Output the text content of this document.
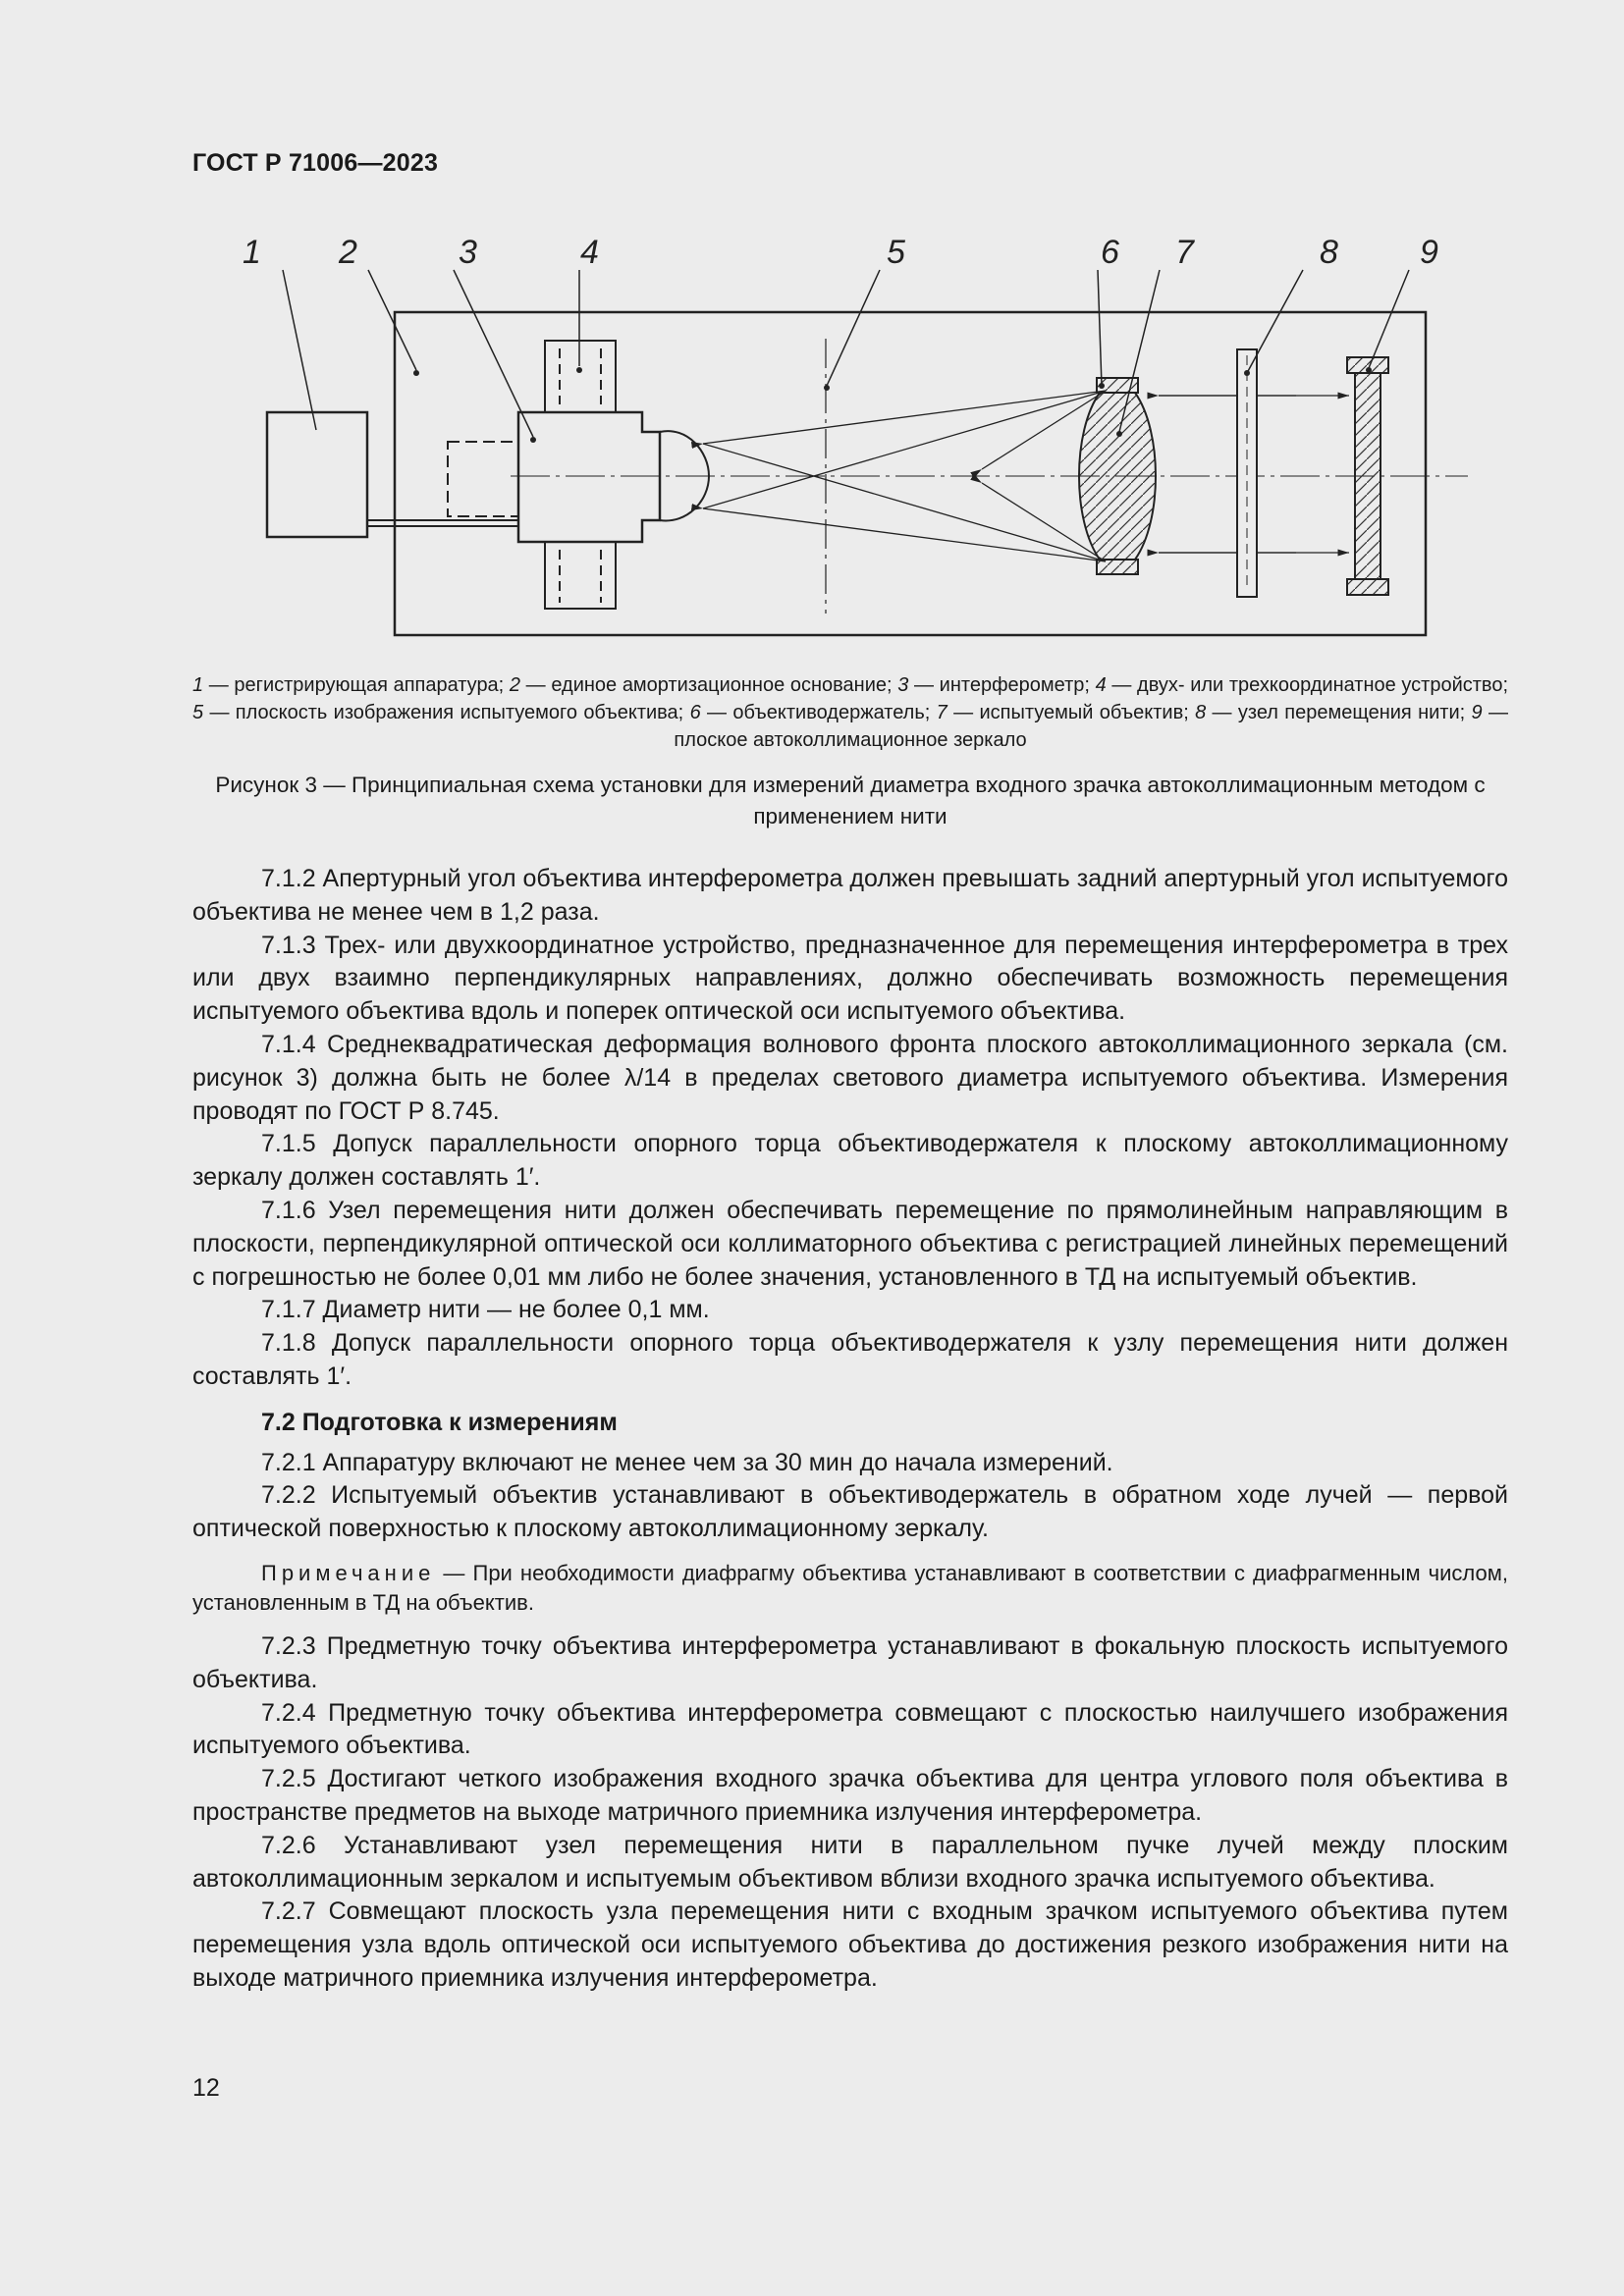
ГОСТ Р 71006—2023
1 2	3	4	5	6 7	8 9
1 — регистрирующая аппаратура; 2 — единое амортизационное основание; 3 — интерферометр; 4 — двух- или трехкоординатное устройство; 5 — плоскость изображения испытуемого объектива; 6 — объективодержатель; 7 — испытуемый объектив; 8 — узел перемещения нити; 9 — плоское автоколлимационное зеркало
Рисунок 3 — Принципиальная схема установки для измерений диаметра входного зрачка автоколлимационным методом с применением нити

7.1.2 Апертурный угол объектива интерферометра должен превышать задний апертурный угол испытуемого объектива не менее чем в 1,2 раза.

7.1.3 Трех- или двухкоординатное устройство, предназначенное для перемещения интерферометра в трех или двух взаимно перпендикулярных направлениях, должно обеспечивать возможность перемещения испытуемого объектива вдоль и поперек оптической оси испытуемого объектива.

7.1.4 Среднеквадратическая деформация волнового фронта плоского автоколлимационного зеркала (см. рисунок 3) должна быть не более λ/14 в пределах светового диаметра испытуемого объектива. Измерения проводят по ГОСТ Р 8.745.

7.1.5 Допуск параллельности опорного торца объективодержателя к плоскому автоколлимационному зеркалу должен составлять 1′.

7.1.6 Узел перемещения нити должен обеспечивать перемещение по прямолинейным направляющим в плоскости, перпендикулярной оптической оси коллиматорного объектива с регистрацией линейных перемещений с погрешностью не более 0,01 мм либо не более значения, установленного в ТД на испытуемый объектив.

7.1.7 Диаметр нити — не более 0,1 мм.

7.1.8 Допуск параллельности опорного торца объективодержателя к узлу перемещения нити должен составлять 1′.

7.2 Подготовка к измерениям

7.2.1 Аппаратуру включают не менее чем за 30 мин до начала измерений.

7.2.2 Испытуемый объектив устанавливают в объективодержатель в обратном ходе лучей — первой оптической поверхностью к плоскому автоколлимационному зеркалу.

Примечание — При необходимости диафрагму объектива устанавливают в соответствии с диафрагменным числом, установленным в ТД на объектив.

7.2.3 Предметную точку объектива интерферометра устанавливают в фокальную плоскость испытуемого объектива.

7.2.4 Предметную точку объектива интерферометра совмещают с плоскостью наилучшего изображения испытуемого объектива.

7.2.5 Достигают четкого изображения входного зрачка объектива для центра углового поля объектива в пространстве предметов на выходе матричного приемника излучения интерферометра.

7.2.6 Устанавливают узел перемещения нити в параллельном пучке лучей между плоским автоколлимационным зеркалом и испытуемым объективом вблизи входного зрачка испытуемого объектива.

7.2.7 Совмещают плоскость узла перемещения нити с входным зрачком испытуемого объектива путем перемещения узла вдоль оптической оси испытуемого объектива до достижения резкого изображения нити на выходе матричного приемника излучения интерферометра.

12
